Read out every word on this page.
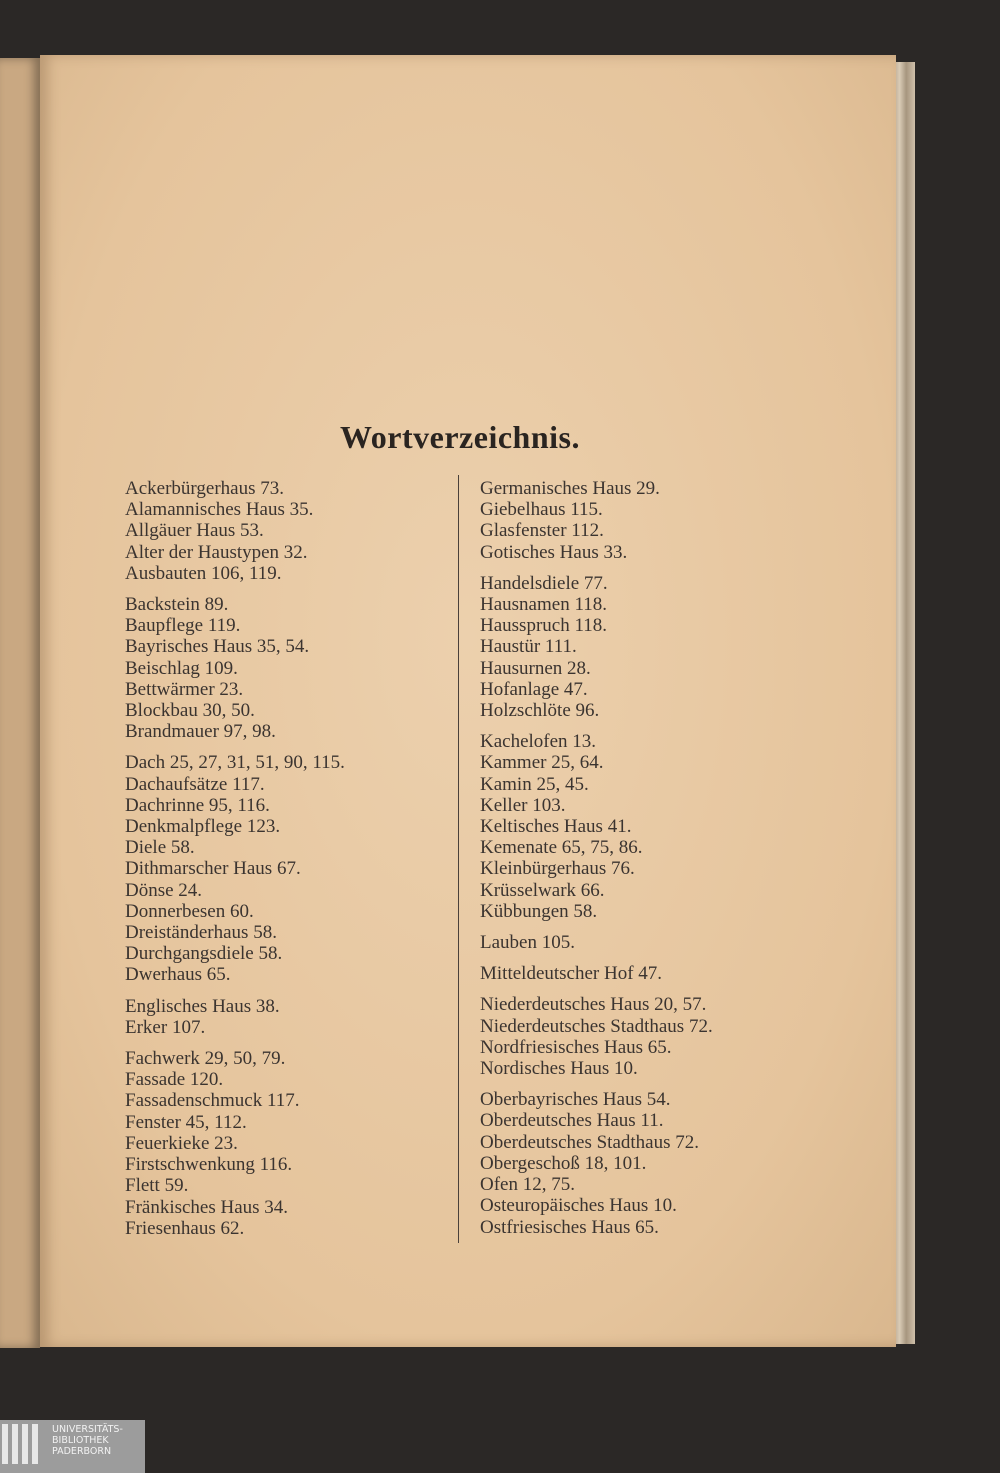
Wortverzeichnis.
Ackerbürgerhaus 73.
Alamannisches Haus 35.
Allgäuer Haus 53.
Alter der Haustypen 32.
Ausbauten 106, 119.
Backstein 89.
Baupflege 119.
Bayrisches Haus 35, 54.
Beischlag 109.
Bettwärmer 23.
Blockbau 30, 50.
Brandmauer 97, 98.
Dach 25, 27, 31, 51, 90, 115.
Dachaufsätze 117.
Dachrinne 95, 116.
Denkmalpflege 123.
Diele 58.
Dithmarscher Haus 67.
Dönse 24.
Donnerbesen 60.
Dreiständerhaus 58.
Durchgangsdiele 58.
Dwerhaus 65.
Englisches Haus 38.
Erker 107.
Fachwerk 29, 50, 79.
Fassade 120.
Fassadenschmuck 117.
Fenster 45, 112.
Feuerkieke 23.
Firstschwenkung 116.
Flett 59.
Fränkisches Haus 34.
Friesenhaus 62.
Germanisches Haus 29.
Giebelhaus 115.
Glasfenster 112.
Gotisches Haus 33.
Handelsdiele 77.
Hausnamen 118.
Hausspruch 118.
Haustür 111.
Hausurnen 28.
Hofanlage 47.
Holzschlöte 96.
Kachelofen 13.
Kammer 25, 64.
Kamin 25, 45.
Keller 103.
Keltisches Haus 41.
Kemenate 65, 75, 86.
Kleinbürgerhaus 76.
Krüsselwark 66.
Kübbungen 58.
Lauben 105.
Mitteldeutscher Hof 47.
Niederdeutsches Haus 20, 57.
Niederdeutsches Stadthaus 72.
Nordfriesisches Haus 65.
Nordisches Haus 10.
Oberbayrisches Haus 54.
Oberdeutsches Haus 11.
Oberdeutsches Stadthaus 72.
Obergeschoß 18, 101.
Ofen 12, 75.
Osteuropäisches Haus 10.
Ostfriesisches Haus 65.
UNIVERSITÄTS-
BIBLIOTHEK
PADERBORN
